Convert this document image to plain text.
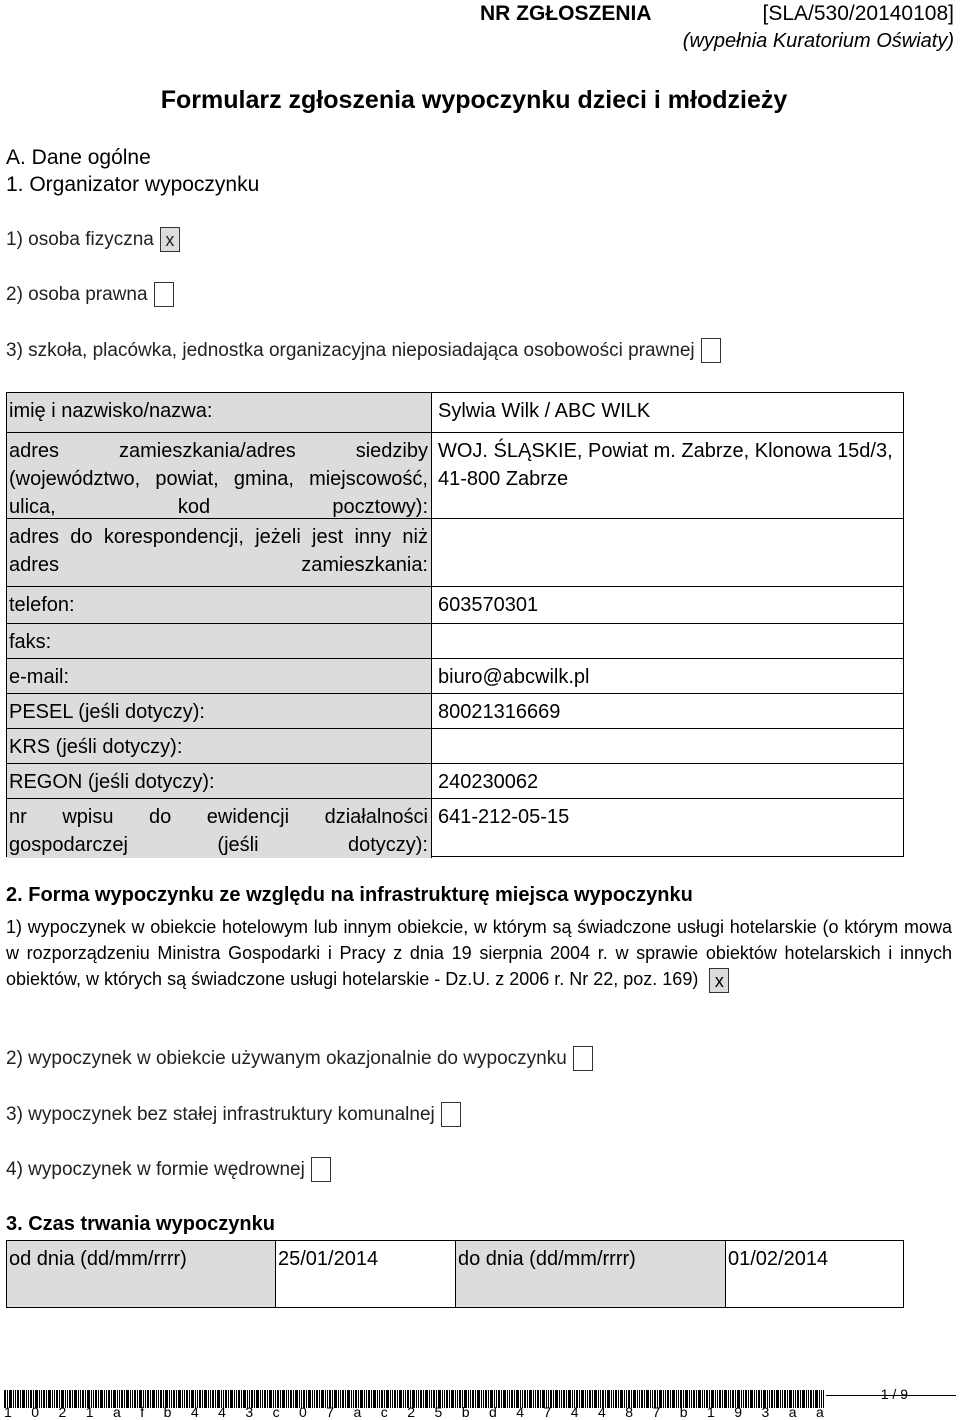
NR ZGŁOSZENIA	[SLA/530/20140108]
(wypełnia Kuratorium Oświaty)
Formularz zgłoszenia wypoczynku dzieci i młodzieży
A. Dane ogólne
1. Organizator wypoczynku
1) osoba fizyczna x
2) osoba prawna
3) szkoła, placówka, jednostka organizacyjna nieposiadająca osobowości prawnej
imię i nazwisko/nazwa:	Sylwia Wilk / ABC WILK
adres zamieszkania/adres siedziby (województwo, powiat, gmina, miejscowość, ulica, kod pocztowy):
WOJ. ŚLĄSKIE, Powiat m. Zabrze, Klonowa 15d/3, 41-800 Zabrze
adres do korespondencji, jeżeli jest inny niż adres zamieszkania:
telefon:	603570301
faks:
e-mail:	biuro@abcwilk.pl
PESEL (jeśli dotyczy):	80021316669
KRS (jeśli dotyczy):
REGON (jeśli dotyczy):	240230062
nr wpisu do ewidencji działalności gospodarczej (jeśli dotyczy):
641-212-05-15
2. Forma wypoczynku ze względu na infrastrukturę miejsca wypoczynku
1) wypoczynek w obiekcie hotelowym lub innym obiekcie, w którym są świadczone usługi hotelarskie (o którym mowa w rozporządzeniu Ministra Gospodarki i Pracy z dnia 19 sierpnia 2004 r. w sprawie obiektów hotelarskich i innych obiektów, w których są świadczone usługi hotelarskie - Dz.U. z 2006 r. Nr 22, poz. 169) x
2) wypoczynek w obiekcie używanym okazjonalnie do wypoczynku
3) wypoczynek bez stałej infrastruktury komunalnej
4) wypoczynek w formie wędrownej
3. Czas trwania wypoczynku
od dnia (dd/mm/rrrr)	25/01/2014	do dnia (dd/mm/rrrr)	01/02/2014
1 0 2 1 a f b 4 4 3 c 0 7 a c 2 5 b d 4 7 4 4 8 7 b 1 9 3 a a
1 / 9
